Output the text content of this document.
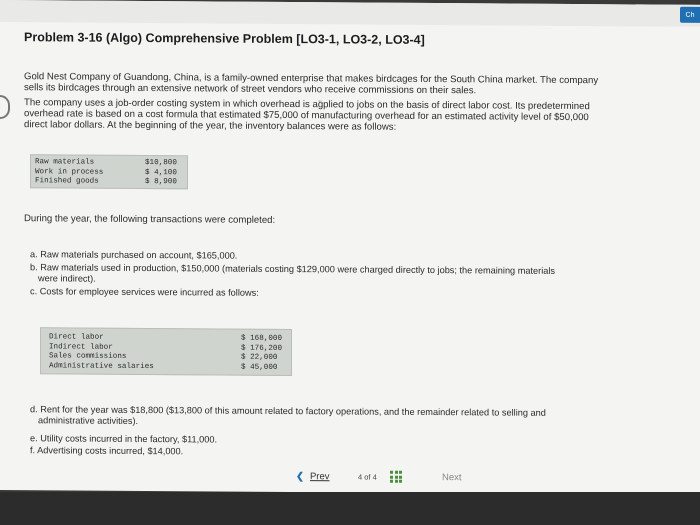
Ch
Problem 3-16 (Algo) Comprehensive Problem [LO3-1, LO3-2, LO3-4]
Gold Nest Company of Guandong, China, is a family-owned enterprise that makes birdcages for the South China market. The company
sells its birdcages through an extensive network of street vendors who receive commissions on their sales.
The company uses a job-order costing system in which overhead is ag̈plied to jobs on the basis of direct labor cost. Its predetermined
overhead rate is based on a cost formula that estimated $75,000 of manufacturing overhead for an estimated activity level of $50,000
direct labor dollars. At the beginning of the year, the inventory balances were as follows:
Raw materials	$10,800
Work in process	$ 4,100
Finished goods	$ 8,900
During the year, the following transactions were completed:
a. Raw materials purchased on account, $165,000.
b. Raw materials used in production, $150,000 (materials costing $129,000 were charged directly to jobs; the remaining materials
were indirect).
c. Costs for employee services were incurred as follows:
Direct labor	$ 168,000
Indirect labor	$ 176,200
Sales commissions	$ 22,000
Administrative salaries	$ 45,000
d. Rent for the year was $18,800 ($13,800 of this amount related to factory operations, and the remainder related to selling and
administrative activities).
e. Utility costs incurred in the factory, $11,000.
f. Advertising costs incurred, $14,000.
❮ Prev	4 of 4	Next
